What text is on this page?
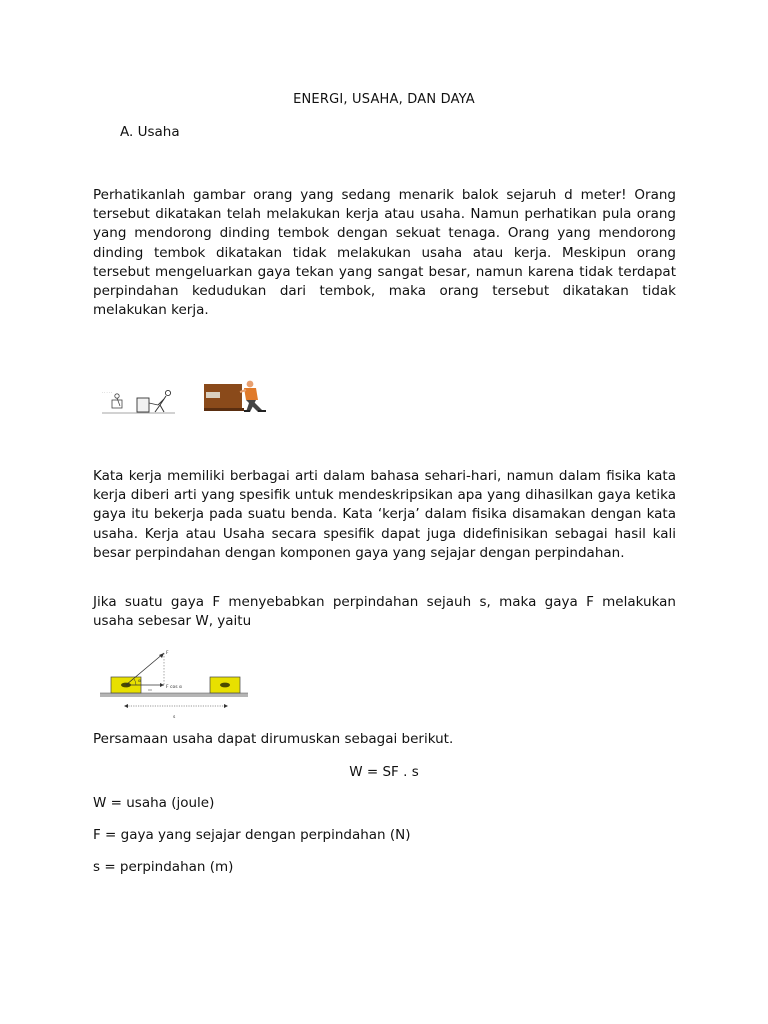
ENERGI, USAHA, DAN DAYA
A. Usaha

Perhatikanlah gambar orang yang sedang menarik balok sejaruh d meter! Orang tersebut dikatakan telah melakukan kerja atau usaha. Namun perhatikan pula orang yang mendorong dinding tembok dengan sekuat tenaga. Orang yang mendorong dinding tembok dikatakan tidak melakukan usaha atau kerja. Meskipun orang tersebut mengeluarkan gaya tekan yang sangat besar, namun karena tidak terdapat perpindahan kedudukan dari tembok, maka orang tersebut dikatakan tidak melakukan kerja.

· · · · ·

Kata kerja memiliki berbagai arti dalam bahasa sehari-hari, namun dalam fisika kata kerja diberi arti yang spesifik untuk mendeskripsikan apa yang dihasilkan gaya ketika gaya itu bekerja pada suatu benda. Kata ‘kerja’ dalam fisika disamakan dengan kata usaha. Kerja atau Usaha secara spesifik dapat juga didefinisikan sebagai hasil kali besar perpindahan dengan komponen gaya yang sejajar dengan perpindahan.

Jika suatu gaya F menyebabkan perpindahan sejauh s, maka gaya F melakukan usaha sebesar W, yaitu

α
F
F cos α
s

Persamaan usaha dapat dirumuskan sebagai berikut.

W = SF . s

W = usaha (joule)

F = gaya yang sejajar dengan perpindahan (N)

s = perpindahan (m)
